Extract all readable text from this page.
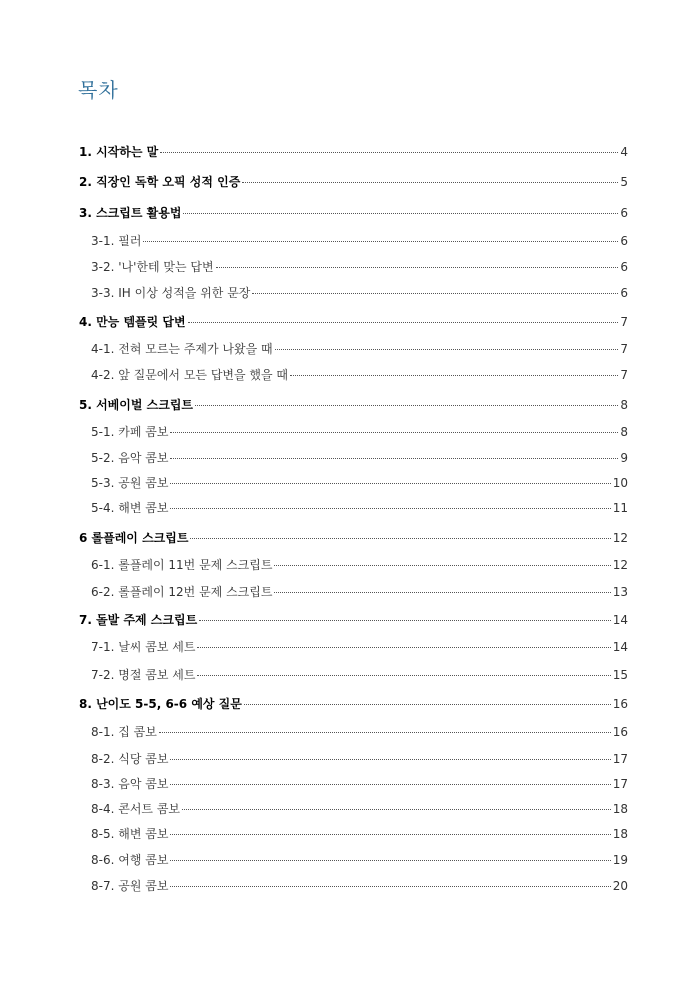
목차
1. 시작하는 말	4
2. 직장인 독학 오픽 성적 인증	5
3. 스크립트 활용법	6
3-1. 필러	6
3-2. '나'한테 맞는 답변	6
3-3. IH 이상 성적을 위한 문장	6
4. 만능 템플릿 답변	7
4-1. 전혀 모르는 주제가 나왔을 때	7
4-2. 앞 질문에서 모든 답변을 했을 때	7
5. 서베이벌 스크립트	8
5-1. 카페 콤보	8
5-2. 음악 콤보	9
5-3. 공원 콤보	10
5-4. 해변 콤보	11
6 롤플레이 스크립트	12
6-1. 롤플레이 11번 문제 스크립트	12
6-2. 롤플레이 12번 문제 스크립트	13
7. 돌발 주제 스크립트	14
7-1. 날씨 콤보 세트	14
7-2. 명절 콤보 세트	15
8. 난이도 5-5, 6-6 예상 질문	16
8-1. 집 콤보	16
8-2. 식당 콤보	17
8-3. 음악 콤보	17
8-4. 콘서트 콤보	18
8-5. 해변 콤보	18
8-6. 여행 콤보	19
8-7. 공원 콤보	20
